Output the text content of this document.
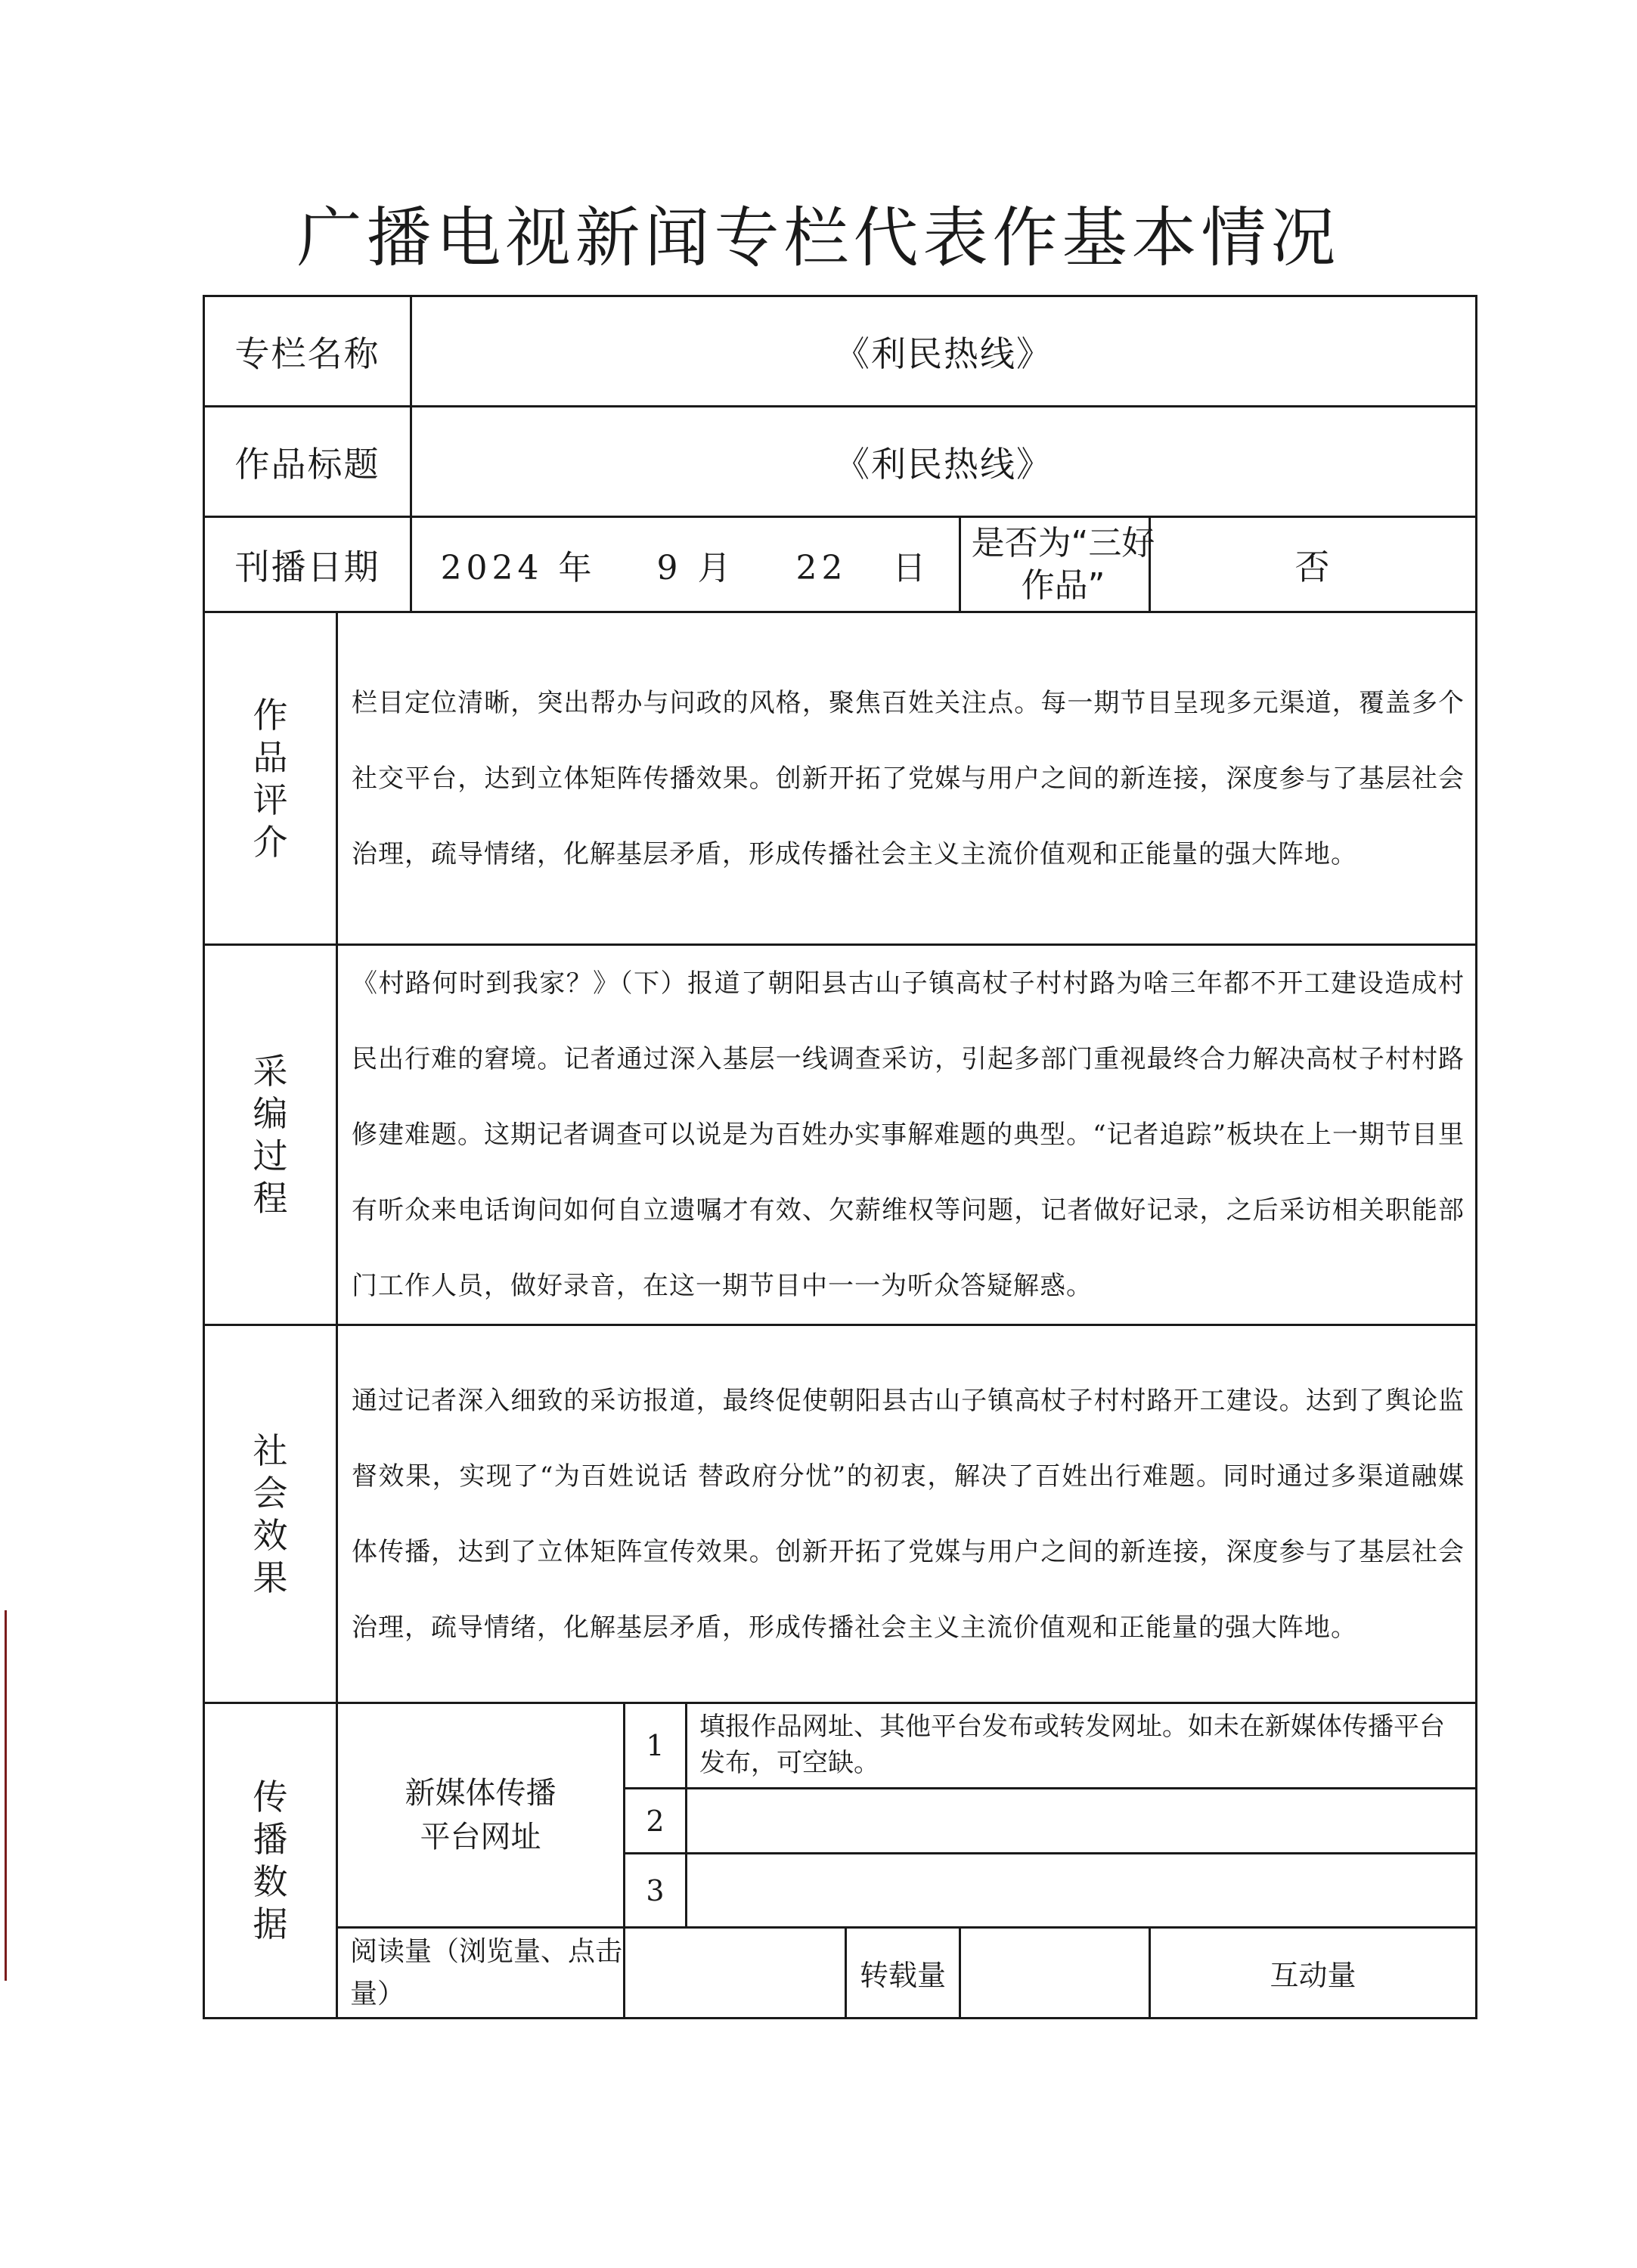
广播电视新闻专栏代表作基本情况
专栏名称		《利民热线》						
作品标题		《利民热线》						
刊播日期		2024 年 9 月 22 日				是否为“三好作品”	否	
作品评介	栏目定位清晰，突出帮办与问政的风格，聚焦百姓关注点。每一期节目呈现多元渠道，覆盖多个社交平台，达到立体矩阵传播效果。创新开拓了党媒与用户之间的新连接，深度参与了基层社会治理，疏导情绪，化解基层矛盾，形成传播社会主义主流价值观和正能量的强大阵地。							
采编过程	《村路何时到我家？》（下）报道了朝阳县古山子镇高杖子村村路为啥三年都不开工建设造成村民出行难的窘境。记者通过深入基层一线调查采访，引起多部门重视最终合力解决高杖子村村路修建难题。这期记者调查可以说是为百姓办实事解难题的典型。“记者追踪”板块在上一期节目里有听众来电话询问如何自立遗嘱才有效、欠薪维权等问题，记者做好记录，之后采访相关职能部门工作人员，做好录音，在这一期节目中一一为听众答疑解惑。							
社会效果	通过记者深入细致的采访报道，最终促使朝阳县古山子镇高杖子村村路开工建设。达到了舆论监督效果，实现了“为百姓说话 替政府分忧”的初衷，解决了百姓出行难题。同时通过多渠道融媒体传播，达到了立体矩阵宣传效果。创新开拓了党媒与用户之间的新连接，深度参与了基层社会治理，疏导情绪，化解基层矛盾，形成传播社会主义主流价值观和正能量的强大阵地。							
传播数据	新媒体传播平台网址		1	填报作品网址、其他平台发布或转发网址。如未在新媒体传播平台发布，可空缺。				
			2					
			3					
	阅读量（浏览量、点击量）				转载量		互动量	
